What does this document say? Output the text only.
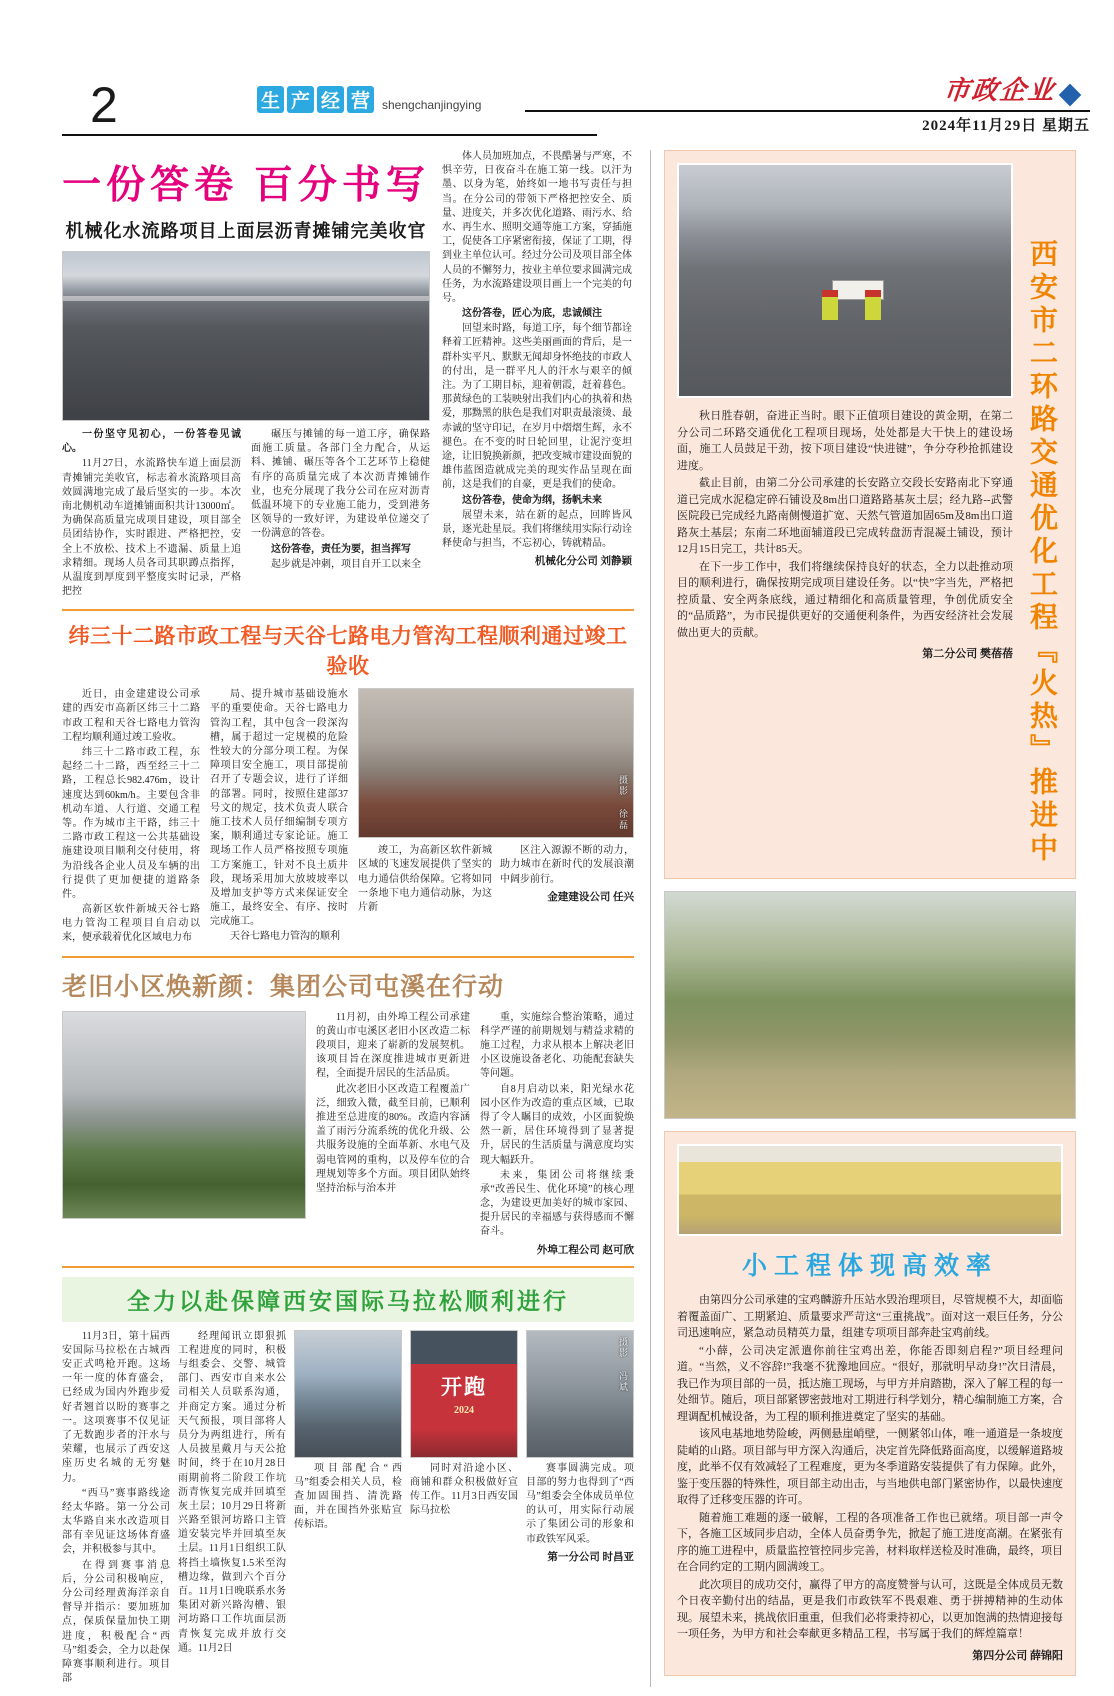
2	生 产 经 营	shengchanjingying	市政企业
2024年11月29日 星期五
一份答卷 百分书写
机械化水流路项目上面层沥青摊铺完美收官

一份坚守见初心，一份答卷见诚心。

11月27日，水流路快车道上面层沥青摊铺完美收官，标志着水流路项目高效圆满地完成了最后坚实的一步。本次南北侧机动车道摊铺面积共计13000㎡。为确保高质量完成项目建设，项目部全员团结协作，实时跟进、严格把控，安全上不放松、技术上不遗漏、质量上追求精细。现场人员各司其职蹲点指挥，从温度到厚度到平整度实时记录，严格把控

碾压与摊铺的每一道工序，确保路面施工质量。各部门全力配合，从运料、摊铺、碾压等各个工艺环节上稳健有序的高质量完成了本次沥青摊铺作业，也充分展现了我分公司在应对沥青低温环境下的专业施工能力，受到港务区领导的一致好评，为建设单位递交了一份满意的答卷。

这份答卷，责任为要，担当挥写

起步就是冲刺，项目自开工以来全

体人员加班加点，不畏酷暑与严寒，不惧辛劳，日夜奋斗在施工第一线。以汗为墨、以身为笔，始终如一地书写责任与担当。在分公司的带领下严格把控安全、质量、进度关，并多次优化道路、雨污水、给水、再生水、照明交通等施工方案，穿插施工，促使各工序紧密衔接，保证了工期，得到业主单位认可。经过分公司及项目部全体人员的不懈努力，按业主单位要求圆满完成任务，为水流路建设项目画上一个完美的句号。

这份答卷，匠心为底，忠诚倾注

回望来时路，每道工序，每个细节都诠释着工匠精神。这些美丽画面的背后，是一群朴实平凡、默默无闻却身怀绝技的市政人的付出，是一群平凡人的汗水与艰辛的倾注。为了工期目标，迎着朝霞，赶着暮色。那黄绿色的工装映射出我们内心的执着和热爱，那黝黑的肤色是我们对职责最滚烫、最赤诚的坚守印记，在岁月中熠熠生辉，永不褪色。在不变的时日轮回里，让泥泞变坦途，让旧貌换新颜，把改变城市建设面貌的雄伟蓝图造就成完美的现实作品呈现在面前，这是我们的自豪，更是我们的使命。

这份答卷，使命为纲，扬帆未来

展望未来，站在新的起点，回眸皆风景，逐光赴星辰。我们将继续用实际行动诠释使命与担当，不忘初心，铸就精品。

机械化分公司 刘静颖
纬三十二路市政工程与天谷七路电力管沟工程顺利通过竣工验收

近日，由金建建设公司承建的西安市高新区纬三十二路市政工程和天谷七路电力管沟工程均顺利通过竣工验收。

纬三十二路市政工程，东起经二十二路，西至经三十二路，工程总长982.476m，设计速度达到60km/h。主要包含非机动车道、人行道、交通工程等。作为城市主干路，纬三十二路市政工程这一公共基础设施建设项目顺利交付使用，将为沿线各企业人员及车辆的出行提供了更加便捷的道路条件。

高新区软件新城天谷七路电力管沟工程项目自启动以来，便承载着优化区域电力布

局、提升城市基础设施水平的重要使命。天谷七路电力管沟工程，其中包含一段深沟槽，属于超过一定规模的危险性较大的分部分项工程。为保障项目安全施工，项目部提前召开了专题会议，进行了详细的部署。同时，按照住建部37号文的规定，技术负责人联合施工技术人员仔细编制专项方案，顺利通过专家论证。施工现场工作人员严格按照专项施工方案施工，针对不良土质井段，现场采用加大放坡坡率以及增加支护等方式来保证安全施工，最终安全、有序、按时完成施工。

天谷七路电力管沟的顺利

摄影 徐磊

竣工，为高新区软件新城区域的飞速发展提供了坚实的电力通信供给保障。它将如同一条地下电力通信动脉，为这片新

区注入源源不断的动力，助力城市在新时代的发展浪潮中阔步前行。

金建建设公司 任兴
老旧小区焕新颜：集团公司屯溪在行动

11月初，由外埠工程公司承建的黄山市屯溪区老旧小区改造二标段项目，迎来了崭新的发展契机。该项目旨在深度推进城市更新进程，全面提升居民的生活品质。

此次老旧小区改造工程覆盖广泛，细致入微，截至目前，已顺利推进至总进度的80%。改造内容涵盖了雨污分流系统的优化升级、公共服务设施的全面革新、水电气及弱电管网的重构，以及停车位的合理规划等多个方面。项目团队始终坚持治标与治本并

重，实施综合整治策略，通过科学严谨的前期规划与精益求精的施工过程，力求从根本上解决老旧小区设施设备老化、功能配套缺失等问题。

自8月启动以来，阳光绿水花园小区作为改造的重点区域，已取得了令人瞩目的成效，小区面貌焕然一新，居住环境得到了显著提升，居民的生活质量与满意度均实现大幅跃升。

未来，集团公司将继续秉承“改善民生、优化环境”的核心理念，为建设更加美好的城市家园、提升居民的幸福感与获得感而不懈奋斗。

外埠工程公司 赵可欣
全力以赴保障西安国际马拉松顺利进行

11月3日，第十届西安国际马拉松在古城西安正式鸣枪开跑。这场一年一度的体育盛会，已经成为国内外跑步爱好者翘首以盼的赛事之一。这项赛事不仅见证了无数跑步者的汗水与荣耀，也展示了西安这座历史名城的无穷魅力。

“西马”赛事路线途经太华路。第一分公司太华路自来水改造项目部有幸见证这场体育盛会，并积极参与其中。

在得到赛事消息后，分公司积极响应，分公司经理黄海洋亲自督导并指示：要加班加点，保质保量加快工期进度，积极配合“西马”组委会，全力以赴保障赛事顺利进行。项目部

经理闻讯立即狠抓工程进度的同时，积极与组委会、交警、城管部门、西安市自来水公司相关人员联系沟通，并商定方案。通过分析天气预报，项目部将人员分为两组进行，所有人员披星戴月与天公抢时间，终于在10月28日雨期前将二阶段工作坑沥青恢复完成并回填至灰土层；10月29日将新兴路至银河坊路口主管道安装完毕并回填至灰土层。11月1日组织工队将挡土墙恢复1.5米至沟槽边缘，做到六个百分百。11月1日晚联系水务集团对新兴路沟槽、银河坊路口工作坑面层沥青恢复完成并放行交通。11月2日

项目部配合“西马”组委会相关人员，检查加固围挡、清洗路面，并在围挡外张贴宣传标语。

开跑
2024

同时对沿途小区、商铺和群众积极做好宣传工作。11月3日西安国际马拉松

摄影 冯斌

赛事圆满完成。项目部的努力也得到了“西马”组委会全体成员单位的认可，用实际行动展示了集团公司的形象和市政铁军风采。

第一分公司 时昌亚

秋日胜春朝，奋进正当时。眼下正值项目建设的黄金期，在第二分公司二环路交通优化工程项目现场，处处都是大干快上的建设场面，施工人员鼓足干劲，按下项目建设“快进键”，争分夺秒抢抓建设进度。

截止目前，由第二分公司承建的长安路立交段长安路南北下穿通道已完成水泥稳定碎石铺设及8m出口道路路基灰土层；经九路--武警医院段已完成经九路南侧慢道扩宽、天然气管道加固65m及8m出口道路灰土基层；东南二环地面辅道段已完成转盘沥青混凝土铺设，预计12月15日完工，共计85天。

在下一步工作中，我们将继续保持良好的状态，全力以赴推动项目的顺利进行，确保按期完成项目建设任务。以“快”字当先，严格把控质量、安全两条底线，通过精细化和高质量管理，争创优质安全的“品质路”，为市民提供更好的交通便利条件，为西安经济社会发展做出更大的贡献。

第二分公司 樊蓓蓓 西安市二环路交通优化工程『火热』推进中
小工程体现高效率

由第四分公司承建的宝鸡麟游升压站水毁治理项目，尽管规模不大，却面临着覆盖面广、工期紧迫、质量要求严苛这“三重挑战”。面对这一艰巨任务，分公司迅速响应，紧急动员精英力量，组建专项项目部奔赴宝鸡前线。

“小薛，公司决定派遣你前往宝鸡出差，你能否即刻启程?”项目经理问道。“当然，义不容辞!”我毫不犹豫地回应。“很好，那就明早动身!”次日清晨，我已作为项目部的一员，抵达施工现场，与甲方并肩踏勘，深入了解工程的每一处细节。随后，项目部紧锣密鼓地对工期进行科学划分，精心编制施工方案，合理调配机械设备，为工程的顺利推进奠定了坚实的基础。

该风电基地地势险峻，两侧悬崖峭壁，一侧紧邻山体，唯一通道是一条坡度陡峭的山路。项目部与甲方深入沟通后，决定首先降低路面高度，以缓解道路坡度，此举不仅有效减轻了工程难度，更为冬季道路安装提供了有力保障。此外，鉴于变压器的特殊性，项目部主动出击，与当地供电部门紧密协作，以最快速度取得了迁移变压器的许可。

随着施工难题的逐一破解，工程的各项准备工作也已就绪。项目部一声令下，各施工区域同步启动，全体人员奋勇争先，掀起了施工进度高潮。在紧张有序的施工进程中，质量监控管控同步完善，材料取样送检及时准确，最终，项目在合同约定的工期内圆满竣工。

此次项目的成功交付，赢得了甲方的高度赞誉与认可，这既是全体成员无数个日夜辛勤付出的结晶，更是我们市政铁军不畏艰难、勇于拼搏精神的生动体现。展望未来，挑战依旧重重，但我们必将秉持初心，以更加饱满的热情迎接每一项任务，为甲方和社会奉献更多精品工程，书写属于我们的辉煌篇章！

第四分公司 薛锦阳
